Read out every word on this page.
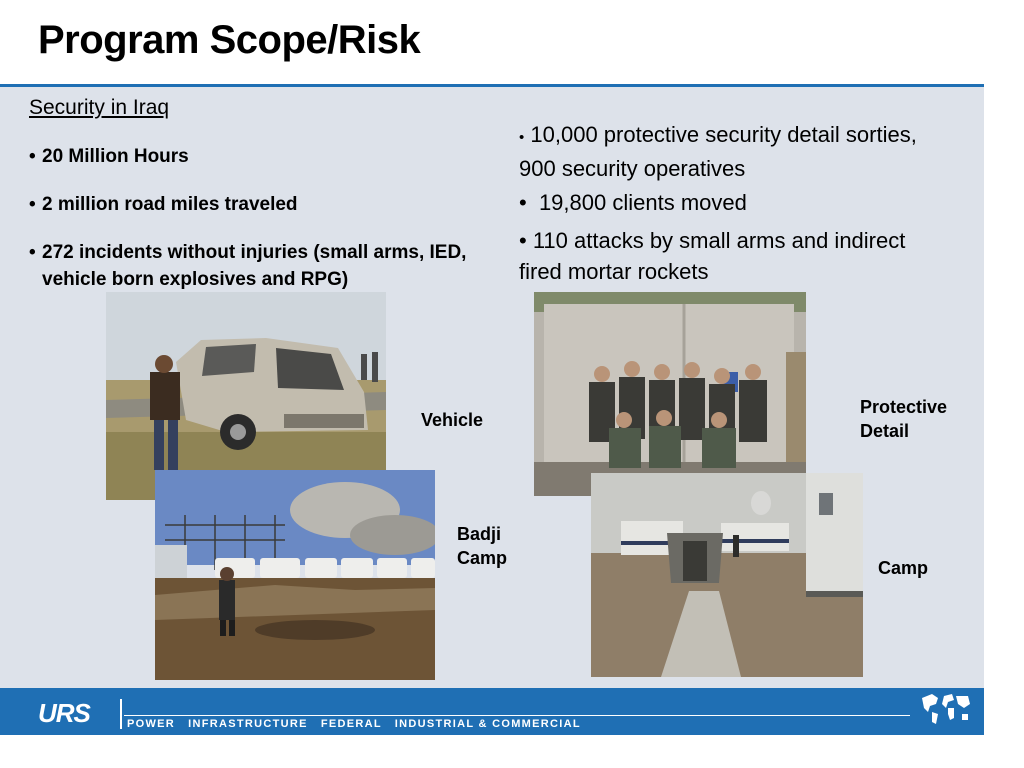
Program Scope/Risk
Security in Iraq
• 20 Million Hours
• 2 million road miles traveled
• 272 incidents without injuries (small arms, IED, vehicle born explosives and RPG)
• 10,000 protective security detail sorties, 900 security operatives
•  19,800 clients moved
• 110 attacks by small arms and indirect fired mortar rockets
Vehicle
Badji Camp
Protective Detail
Camp
URS	POWER   INFRASTRUCTURE   FEDERAL   INDUSTRIAL & COMMERCIAL
